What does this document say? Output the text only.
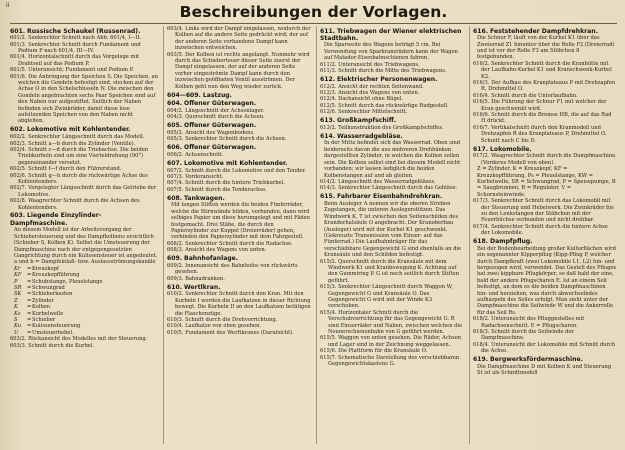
ii	Beschreibungen der Vorlagen.
601. Russische Schaukel (Russenrad).

601/2. Senkrechter Schnitt nach Abb. 601/4, I—II.

601/3. Senkrechter Schnitt durch Fundament und Podium P nach 601/4, III—IV.

601/4. Horizontalschnitt durch das Vorgelege mit Drahtseil auf das Podium P.

601/5. Unteransicht; Fundament und Podium P.

601/6. Die Anbringung der Speichen S. Die Speichen, an welchen die Gondeln befestigt sind, stecken auf der Achse O in den Schelschüsseln N. Die zwischen den Gondeln angebrachten sechs Paar Speichen sind auf den Naben nur aufgestiftet. Seitlich der Naben befinden sich Zwinkräder, damit diese lose aufsitzenden Speichen von den Naben nicht abgleiten.

602. Lokomotive mit Kohlentender.

602/2. Senkrechter Längsschnitt durch das Modell.

602/3. Schnitt a—b durch die Zylinder (Ventile).

602/4. Schnitt c—d durch die Triebachse. Die beiden Triebkurbeln sind um eine Vierteldrehung (90°) gegeneinander versetzt.

602/5. Schnitt f—f durch den Führerstand.

602/6. Schnitt g—h durch die rückwärtige Achse des Kohlentenders.

602/7. Vorgelegter Längsschnitt durch das Getriebe der Lokomotive.

602/8. Waagrechter Schnitt durch die Achsen des Kohlentenders.

603. Liegende Einzylinder-Dampfmaschine.

An diesem Modell ist der Arbeitsvorgang der Schiebersteuerung und des Dampfkolbens ersichtlich (Schieber S, Kolben K). Selbst die Umsteuerung der Dampfmaschine nach der entgegengesetzten Gangrichtung durch ein Kulissensteuer ist angedeutet.

a und b = Dampfeinlaß- bzw. Auslassströmungskanäle

Kr	= Kreuzkopf
KF	= Kreuzkopfführung
P	= Schubstange, Pleuelstange
SR	= Schwungrad
SK	= Schieberkasten
Z	= Zylinder
K	= Kolben
Ks	= Kurbelwelle
S	= Schieber
Ku	= Kulissensteuerung
U	= Umsteuerhebel.

603/2. Rückansicht des Modelles mit der Steuerung.

603/3. Schnitt durch die Kurbel.

603/4. Links wird der Dampf eingelassen, wodurch der Kolben auf die andere Seite gedrückt wird; der auf der anderen Seite vorhandene Dampf kann inzwischen entweichen.

603/5. Der Kolben ist rechts angelangt. Nunmehr wird durch das Schieberteuer dieser Seite zuerst der Dampf eingelassen; der auf der anderen Seite vorher eingeströmte Dampf kann durch den inzwischen geöffneten Ventil ausströmen. Der Kolben geht nun den Weg wieder zurück.

604—609. Lastzug.
604. Offener Güterwagen.

604/2. Längsschnitt der Achsenlager.

604/3. Querschnitt durch die Achsen.

605. Offener Güterwagen.

605/2. Ansicht des Wagenbodens.

605/3. Senkrechter Schnitt durch die Achsen.

606. Offener Güterwagen.

606/2. Achsenschnitt.

607. Lokomotive mit Kohlentender.

607/2. Schnitt durch die Lokomotive und den Tender.

607/3. Vorderansicht.

607/4. Schnitt durch die hintere Triebkurbel.

607/5. Schnitt durch die Tenderachse.

608. Tankwagen.

Mit langen Stiften werden die beiden Fünferräder, welche die Stirnwände bilden, verbunden, dann wird selbiges Papier um diese herumgelegt und mit Fäden festgemacht. Drei Stäbe, die durch den Papierzylinder zur Kuppel (Dreierräder) gehen, verbinden den Papierzylinder mit dem Fahrgestell.

608/2. Senkrechter Schnitt durch die Radachse.

608/3. Ansicht des Wagens von unten.

609. Bahnhofanlage.

609/2. Innenansicht des Bahnhofes von rückwärts gesehen.

609/3. Bahnadranken.

610. Wertlkran.

610/2. Senkrechter Schnitt durch den Kran. Mit den Kurbeln I werden die Laufkatzen in dieser Richtung bewegt. Die Kurbeln II an den Laufkatzen betätigen die Flaschenzüge.

610/3. Schnitt durch die Drehvorrichtung.

610/4. Laufkatze von oben gesehen.

610/5. Fundament des Werftkranes (Darufsicht).

611. Triebwagen der Wiener elektrischen Stadtbahn.

Die Sparweite des Wagens beträgt 5 cm. Bei Verwendung von Sparkranzrädern kann der Wagen auf Matador-Eisenbahnschienen fahren.

611/2. Unteransicht des Triebwagens.

611/3. Schnitt durch die Mitte des Triebwagens.

612. Elektrischer Personenwagen.

612/2. Ansicht der rechten Seitenwand.

612/3. Ansicht des Wagens von unten.

612/4. Dachansicht ohne Bügel.

612/5. Schnitt durch das rückwärtige Radgestell.

612/6. Senkrechter Mittelschnitt.

613. Großkampfschiff.

613/2. Teilkonstruktion des Großkampfschiffes.

614. Wasserradgebläse.

In der Mitte befindet sich das Wasserrad. Oben sind beiderseits davon die aus mehreren Drehbänken dargestellten Zylinder, in welchen die Kolben sollen sein. Die Kolben selbst sind bei diesem Modell nicht vorhanden; wir lassen lediglich die beiden Kolbenstangen auf und ab gleiten.

614/2. Längsschnitt des Wasserradgebläses.

614/3. Senkrechter Längsschnitt durch das Gebläse.

615. Fahrbarer Eisenbahndrehkran.

Beim Ausleger A nennen wir die oberen Streben Zugstangen, die unteren Auslegerstützen. Das Windwerk K, T ist zwischen den Seitenschilden des Kranderhalsäule O angebracht. Der Kranoberbau (Ausleger) wird mit der Kurbel K1 geschwenkt. (Gekreuzte Transmission vom Einser- auf das Fünferrad.) Die Laufbahnträger für das verschiebbare Gegengewicht G sind ebenfalls an die Kransäule und den Schilden befestigt.

615/2. Querschnitt durch die Kransäule mit dem Windwerk K1 und Kranbewegung K. Achtung auf den Gummiring P. G ist noch seitlich durch Stiften geführt.

615/3. Senkrechter Längsschnitt durch Waggon W, Gegengewicht G und Kransäule O. Das Gegengewicht G wird mit der Winde K3 verschoben.

615/4. Horizontaler Schnitt durch die Verschubvorrichtung für das Gegengewicht G. R sind Einserräder und Naben, zwischen welchen die Neunerschienenbahn von G geführt werden.

615/5. Waggon von unten gesehen. Die Räder, Achsen und Lager sind in der Zeichnung weggelassen.

615/6. Die Plattform für die Kransäule O.

615/7. Schematische Darstellung des verschiebbaren Gegengewichtskastens G.

616. Feststehender Dampfdrehkran.

Die Schnur F, läuft von der Kurbel K1 über das Zweierrad Z1 hinunter über die Rolle F2 (Dreierrad) und ist vor der Rolle F3 am Stöbchen 8 festgebunden.

616/2. Senkrechter Schnitt durch die Kranhütte mit der Laufbahn-Kurbel K1 und Kranschwenk-Kurbel K2.

616/3. Der Aufbau des Kranplateaus P mit Drehzapfen R, Drehmittel O.

616/4. Schnitt durch die Unterlaufbahn.

616/5. Die Führung der Schnur F1 mit welcher der Kran geschwenkt wird.

616/6. Schnitt durch die Bremse HB, die auf das Rad H drückt.

616/7. Vertikalschnitt durch den Kranmodell und Drehzapfen R des Kranplateaus P, Drehmittel O. Schnitt nach C bis D.

617. Lokomobile.

617/2. Waagrechter Schnitt durch die Dampfmaschine. (Vorderes Modell von oben).

Z = Zylinder, K = Kreuzkopf, KF = Kreuzkopfführung, Ps = Pleuelstange, KW = Kurbelwelle, SR = Schwungrad, P = Speisepumpe, B = Saugbrunnen, R = Regulator, V = Schornsteinwinde.

617/3. Senkrechter Schnitt durch das Lokomobil mit der Steuerung und Hebelwerk. Die Zwinkräder bis zu den Lenkstangen der Stäbchen mit der Feuerbüchse verbunden und nicht drehbar.

617/4. Senkrechter Schnitt durch die hintere Achse der Lokomobile.

618. Dampfpflug.

Bei der Bodenbearbeitung großer Kulturflächen wird ein sogenannter Kipperpflug (Kipp-Pflug P, welcher durch Dampfkraft (zwei Lokomobile L1, L2) hin- und hergezogen wird, verwendet. Das Gestell des Pfluges hat zwei kippbare Pflugkörper, so daß bald der eine, bald der andere Pflugscharen E. Ist an einem Seil befestigt, an dem es die beiden Dampfmaschinen hin- und herziehen, was durch abwechselndes aufhaspeln des Seiles erfolgt. Man sieht unter der Dampfmaschine die Seilwinde W und die Ankerrolle für das Seil Rs.

618/2. Unteransicht des Pfluggestelles mit Radachsenschnitt. E = Pflugscharen.

618/3. Schnitt durch die Seilwinde der Dampfmaschine.

618/4. Unteransicht der Lokomobile mit Schnitt durch die Achse.

619. Bergwerksfördermaschine.

Die Dampfmaschine D mit Kolben K und Steuerung St ist als Schnittmodell
